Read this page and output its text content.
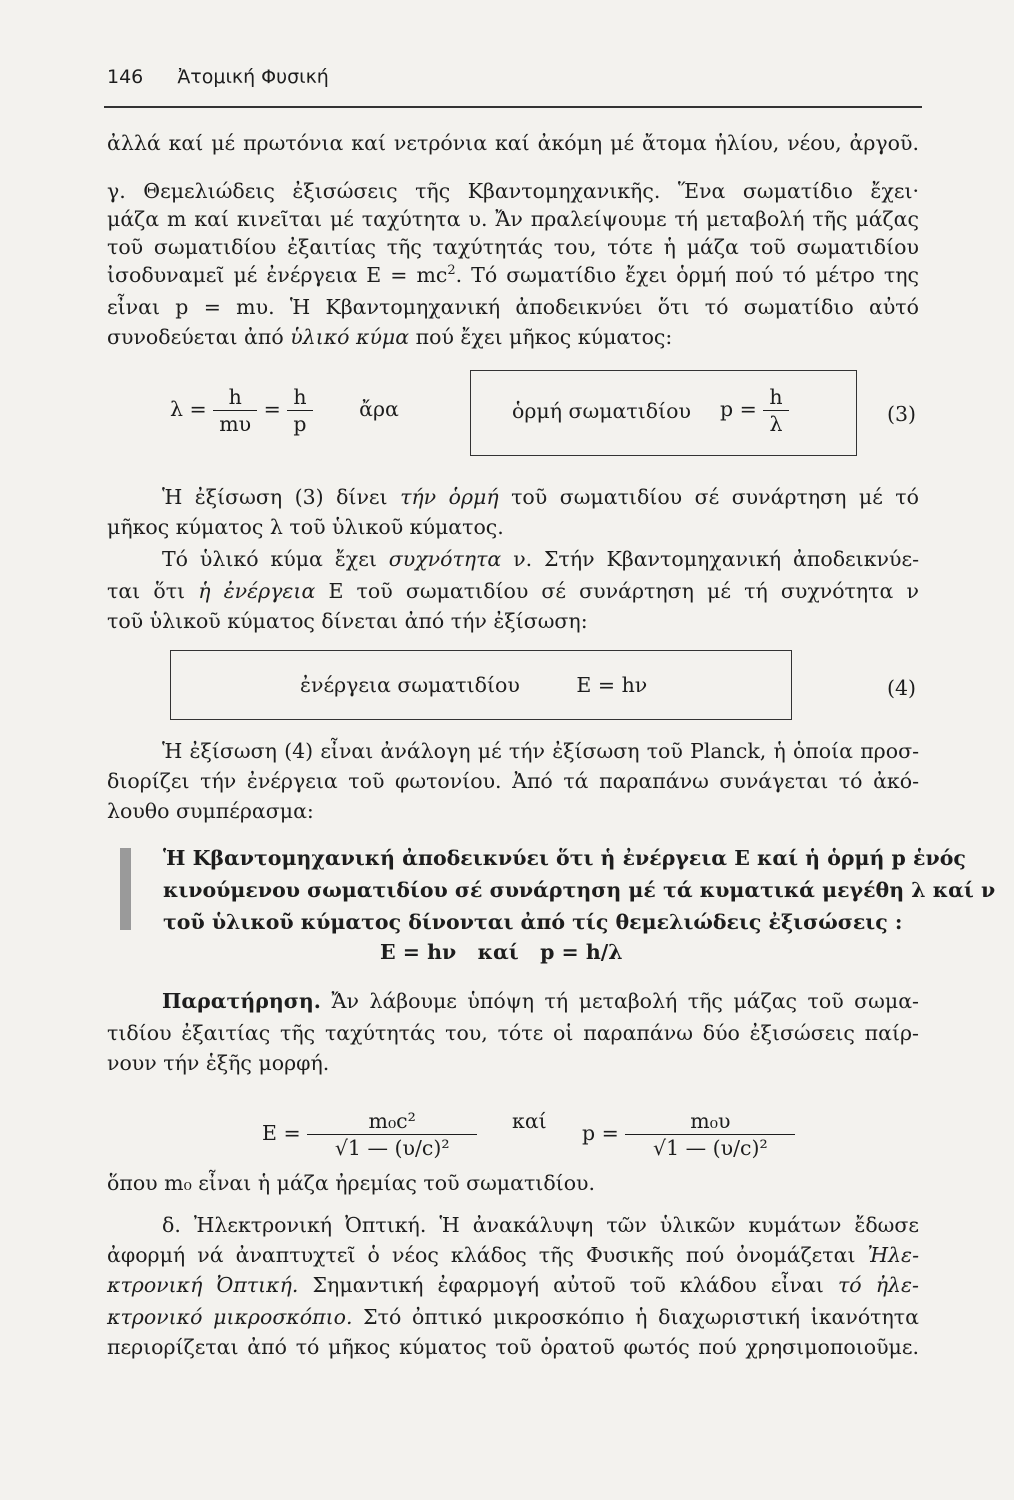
146 Ἀτομική Φυσική
ἀλλά καί μέ πρωτόνια καί νετρόνια καί ἀκόμη μέ ἄτομα ἡλίου, νέου, ἀργοῦ.
γ. Θεμελιώδεις ἐξισώσεις τῆς Κβαντομηχανικῆς. Ἕνα σωματίδιο ἔχει·
μάζα m καί κινεῖται μέ ταχύτητα υ. Ἄν πραλείψουμε τή μεταβολή τῆς μάζας
τοῦ σωματιδίου ἐξαιτίας τῆς ταχύτητάς του, τότε ἡ μάζα τοῦ σωματιδίου
ἰσοδυναμεῖ μέ ἐνέργεια $E = mc^2$. Τό σωματίδιο ἔχει ὁρμή πού τό μέτρο της
εἶναι p = mυ. Ἡ Κβαντομηχανική ἀποδεικνύει ὅτι τό σωματίδιο αὐτό
συνοδεύεται ἀπό ὑλικό κύμα πού ἔχει μῆκος κύματος:
$\lambda = \frac{h}{m\upsilon} = \frac{h}{p}$ ἄρα	ὁρμή σωματιδίου $p = \frac{h}{\lambda}$	(3)
Ἡ ἐξίσωση (3) δίνει τήν ὁρμή τοῦ σωματιδίου σέ συνάρτηση μέ τό
μῆκος κύματος λ τοῦ ὑλικοῦ κύματος.
Τό ὑλικό κύμα ἔχει συχνότητα ν. Στήν Κβαντομηχανική ἀποδεικνύε-
ται ὅτι ἡ ἐνέργεια E τοῦ σωματιδίου σέ συνάρτηση μέ τή συχνότητα ν
τοῦ ὑλικοῦ κύματος δίνεται ἀπό τήν ἐξίσωση:
ἐνέργεια σωματιδίου	E = hν	(4)
Ἡ ἐξίσωση (4) εἶναι ἀνάλογη μέ τήν ἐξίσωση τοῦ Planck, ἡ ὁποία προσ-
διορίζει τήν ἐνέργεια τοῦ φωτονίου. Ἀπό τά παραπάνω συνάγεται τό ἀκό-
λουθο συμπέρασμα:
Ἡ Κβαντομηχανική ἀποδεικνύει ὅτι ἡ ἐνέργεια E καί ἡ ὁρμή p ἑνός
κινούμενου σωματιδίου σέ συνάρτηση μέ τά κυματικά μεγέθη λ καί ν
τοῦ ὑλικοῦ κύματος δίνονται ἀπό τίς θεμελιώδεις ἐξισώσεις :
E = hν   καί   p = h/λ
Παρατήρηση. Ἄν λάβουμε ὑπόψη τή μεταβολή τῆς μάζας τοῦ σωμα-
τιδίου ἐξαιτίας τῆς ταχύτητάς του, τότε οἱ παραπάνω δύο ἐξισώσεις παίρ-
νουν τήν ἑξῆς μορφή.
$E = \frac{\text{m₀c²}}{\text{√1 — (υ/c)²}}$ καί $p = \frac{\text{m₀υ}}{\text{√1 — (υ/c)²}}$
ὅπου m₀ εἶναι ἡ μάζα ἠρεμίας τοῦ σωματιδίου.
δ. Ἠλεκτρονική Ὀπτική. Ἡ ἀνακάλυψη τῶν ὑλικῶν κυμάτων ἔδωσε
ἀφορμή νά ἀναπτυχτεῖ ὁ νέος κλάδος τῆς Φυσικῆς πού ὀνομάζεται Ἠλε-
κτρονική Ὀπτική. Σημαντική ἐφαρμογή αὐτοῦ τοῦ κλάδου εἶναι τό ἠλε-
κτρονικό μικροσκόπιο. Στό ὀπτικό μικροσκόπιο ἡ διαχωριστική ἱκανότητα
περιορίζεται ἀπό τό μῆκος κύματος τοῦ ὁρατοῦ φωτός πού χρησιμοποιοῦμε.
